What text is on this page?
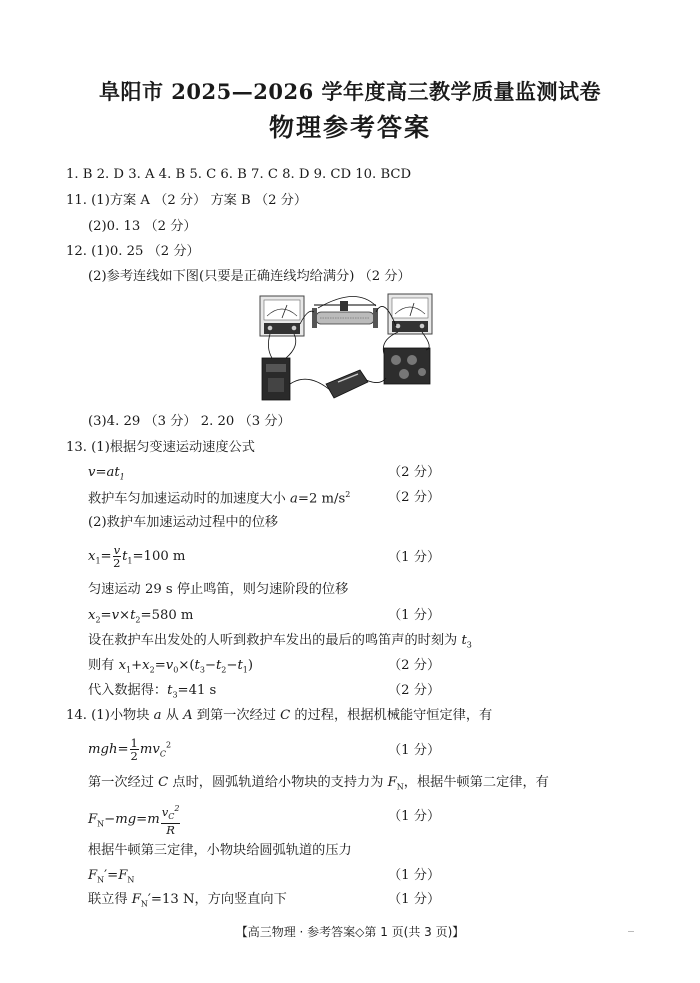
阜阳市 2025—2026 学年度高三教学质量监测试卷
物理参考答案
1. B 2. D 3. A 4. B 5. C 6. B 7. C 8. D 9. CD 10. BCD
11. (1)方案 A （2 分） 方案 B （2 分）
(2)0. 13 （2 分）
12. (1)0. 25 （2 分）
(2)参考连线如下图(只要是正确连线均给满分) （2 分）
(3)4. 29 （3 分） 2. 20 （3 分）
13. (1)根据匀变速运动速度公式
$v=at_1$	（2 分）
救护车匀加速运动时的加速度大小 a=2 $m/s^2$	（2 分）
(2)救护车加速运动过程中的位移
$x_1= \frac{v}{2} t_1=100$ m	（1 分）
匀速运动 29 s 停止鸣笛，则匀速阶段的位移
$x_2=v\times t_2=580$ m	（1 分）
设在救护车出发处的人听到救护车发出的最后的鸣笛声的时刻为 $t_3$
则有 $x_1+x_2=v_0\times(t_3-t_2-t_1)$	（2 分）
代入数据得：$t_3=41$ s	（2 分）
14. (1)小物块 a 从 A 到第一次经过 C 的过程，根据机械能守恒定律，有
$mgh= \frac{1}{2} mv_C^2$	（1 分）
第一次经过 C 点时，圆弧轨道给小物块的支持力为 $F_N$，根据牛顿第二定律，有
$F_N-mg=m \frac{v_C^2}{R}$	（1 分）
根据牛顿第三定律，小物块给圆弧轨道的压力
$F_N'=F_N$	（1 分）
联立得 $F_N'=13$ N，方向竖直向下	（1 分）
【高三物理 · 参考答案◇第 1 页(共 3 页)】
